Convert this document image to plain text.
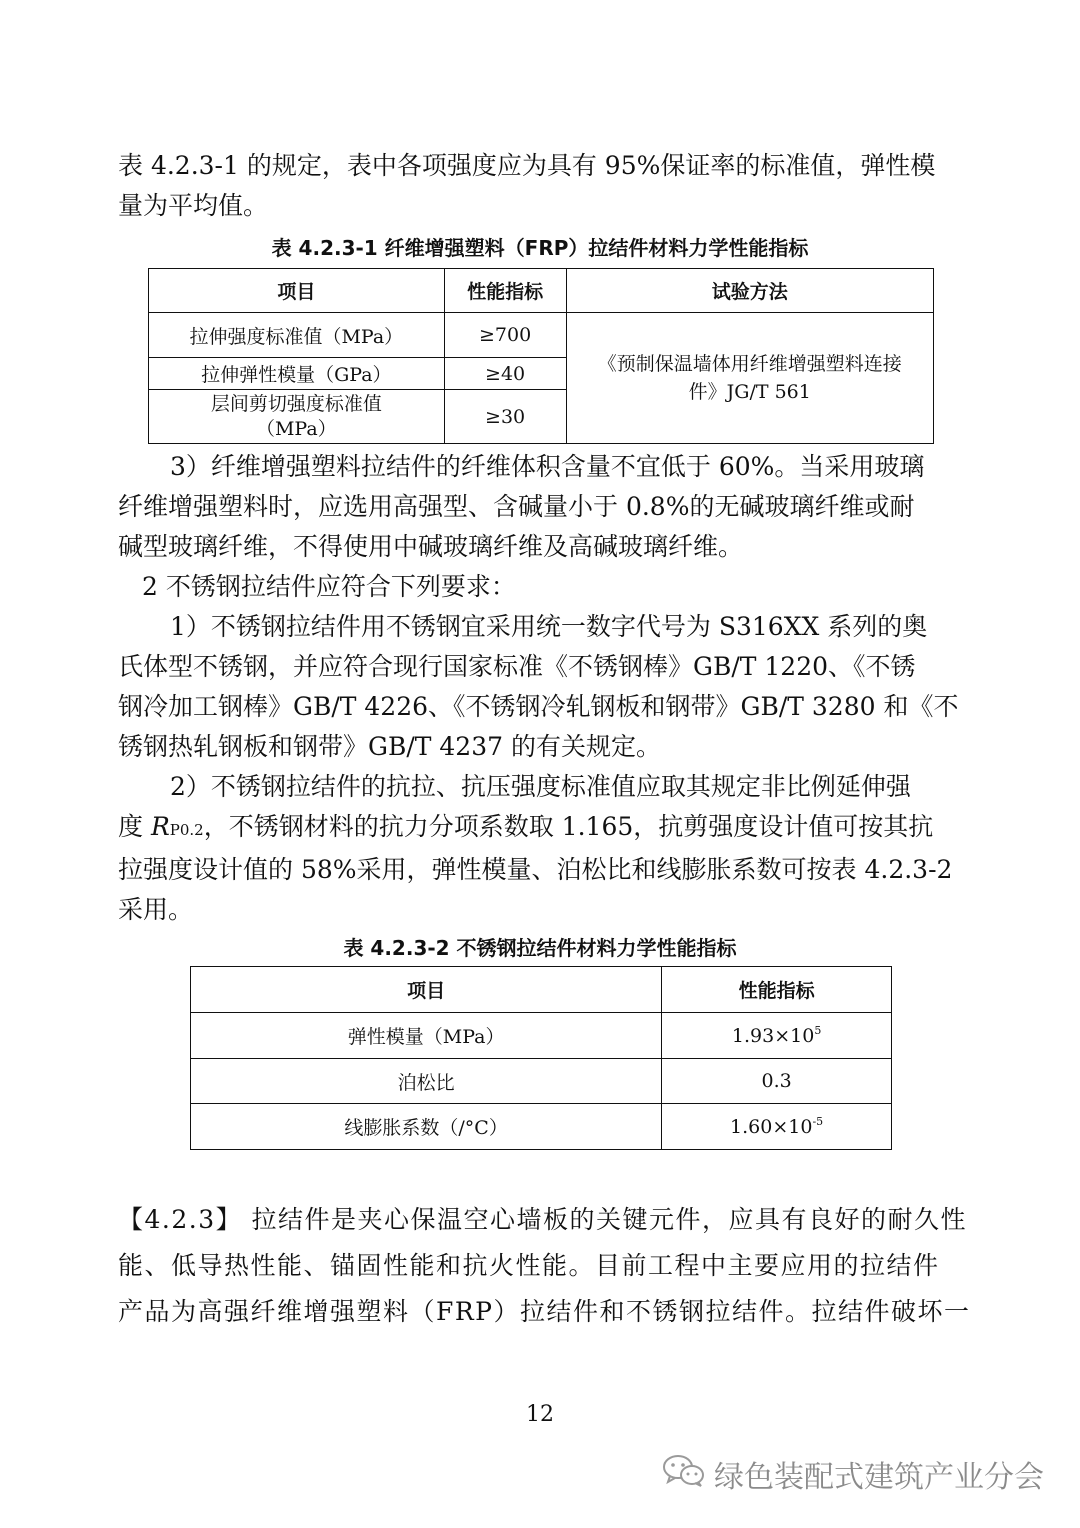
表 4.2.3-1 的规定，表中各项强度应为具有 95%保证率的标准值，弹性模
量为平均值。

表 4.2.3-1 纤维增强塑料（FRP）拉结件材料力学性能指标
项目	性能指标	试验方法
拉伸强度标准值（MPa）	≥700	《预制保温墙体用纤维增强塑料连接
件》JG/T 561

拉伸弹性模量（GPa）	≥40	

层间剪切强度标准值
（MPa）	≥30	

3）纤维增强塑料拉结件的纤维体积含量不宜低于 60%。当采用玻璃
纤维增强塑料时，应选用高强型、含碱量小于 0.8%的无碱玻璃纤维或耐
碱型玻璃纤维，不得使用中碱玻璃纤维及高碱玻璃纤维。

2 不锈钢拉结件应符合下列要求：

1）不锈钢拉结件用不锈钢宜采用统一数字代号为 S316XX 系列的奥
氏体型不锈钢，并应符合现行国家标准《不锈钢棒》GB/T 1220、《不锈
钢冷加工钢棒》GB/T 4226、《不锈钢冷轧钢板和钢带》GB/T 3280 和《不
锈钢热轧钢板和钢带》GB/T 4237 的有关规定。

2）不锈钢拉结件的抗拉、抗压强度标准值应取其规定非比例延伸强
度 RP0.2，不锈钢材料的抗力分项系数取 1.165，抗剪强度设计值可按其抗
拉强度设计值的 58%采用，弹性模量、泊松比和线膨胀系数可按表 4.2.3-2
采用。

表 4.2.3-2 不锈钢拉结件材料力学性能指标
项目	性能指标
弹性模量（MPa）	$1.93\times 10^5$
泊松比	0.3
线膨胀系数（/°C）	$1.60\times 10^{-5}$

【4.2.3】 拉结件是夹心保温空心墙板的关键元件，应具有良好的耐久性
能、低导热性能、锚固性能和抗火性能。目前工程中主要应用的拉结件
产品为高强纤维增强塑料（FRP）拉结件和不锈钢拉结件。拉结件破坏一

12
绿色装配式建筑产业分会
